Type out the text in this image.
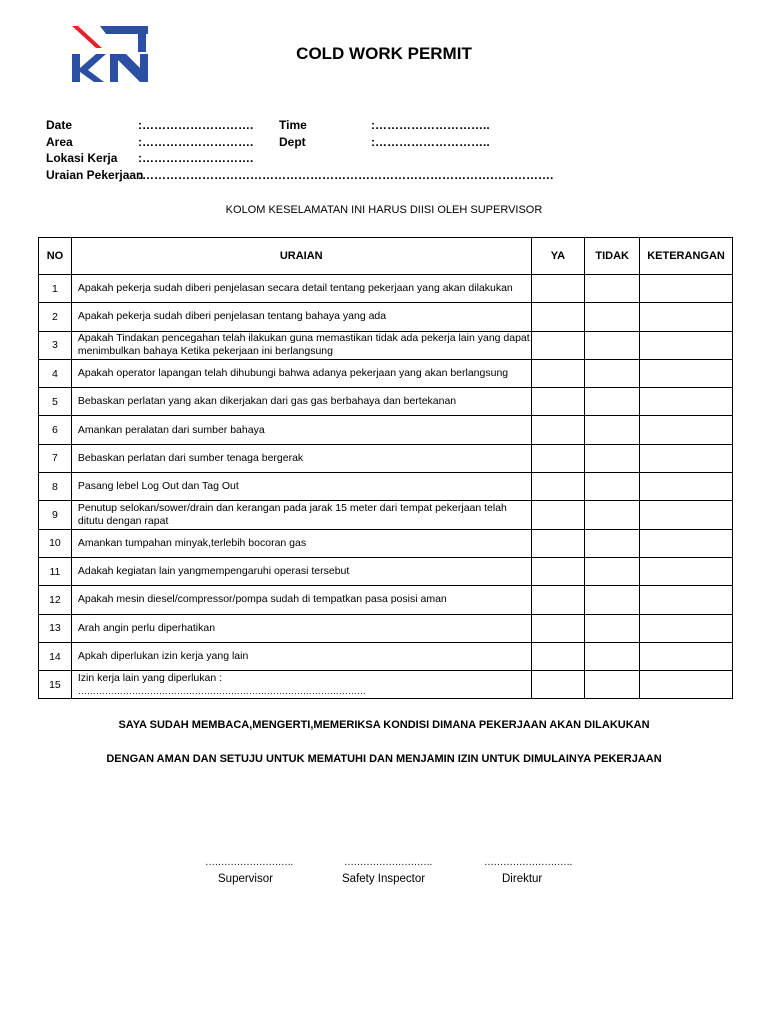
COLD WORK PERMIT
Date	:………………………. Time	:………………………..
Area	:………………………. Dept	:………………………..
Lokasi Kerja :……………………….
Uraian Pekerjaan
:………………………………………………………………………………………….
KOLOM KESELAMATAN INI HARUS DIISI OLEH SUPERVISOR
NO	URAIAN	YA	TIDAK	KETERANGAN
1	Apakah pekerja sudah diberi penjelasan secara detail tentang pekerjaan yang akan dilakukan			
2	Apakah pekerja sudah diberi penjelasan tentang bahaya yang ada			
3	Apakah Tindakan pencegahan telah ilakukan guna memastikan tidak ada pekerja lain yang dapat menimbulkan bahaya Ketika pekerjaan ini berlangsung			
4	Apakah operator lapangan telah dihubungi bahwa adanya pekerjaan yang akan berlangsung			
5	Bebaskan perlatan yang akan dikerjakan dari gas gas berbahaya dan bertekanan			
6	Amankan peralatan dari sumber bahaya			
7	Bebaskan perlatan dari sumber tenaga bergerak			
8	Pasang lebel Log Out dan Tag Out			
9	Penutup selokan/sower/drain dan kerangan pada jarak 15 meter dari tempat pekerjaan telah ditutu dengan rapat			
10	Amankan tumpahan minyak,terlebih bocoran gas			
11	Adakah kegiatan lain yangmempengaruhi operasi tersebut			
12	Apakah mesin diesel/compressor/pompa sudah di tempatkan pasa posisi aman			
13	Arah angin perlu diperhatikan			
14	Apkah diperlukan izin kerja yang lain			
15	Izin kerja lain yang diperlukan :
……………………………………………………………………………………			

SAYA SUDAH MEMBACA,MENGERTI,MEMERIKSA KONDISI DIMANA PEKERJAAN AKAN DILAKUKAN
DENGAN AMAN DAN SETUJU UNTUK MEMATUHI DAN MENJAMIN IZIN UNTUK DIMULAINYA PEKERJAAN
……………………….	……………………….	……………………….
Supervisor	Safety Inspector	Direktur
